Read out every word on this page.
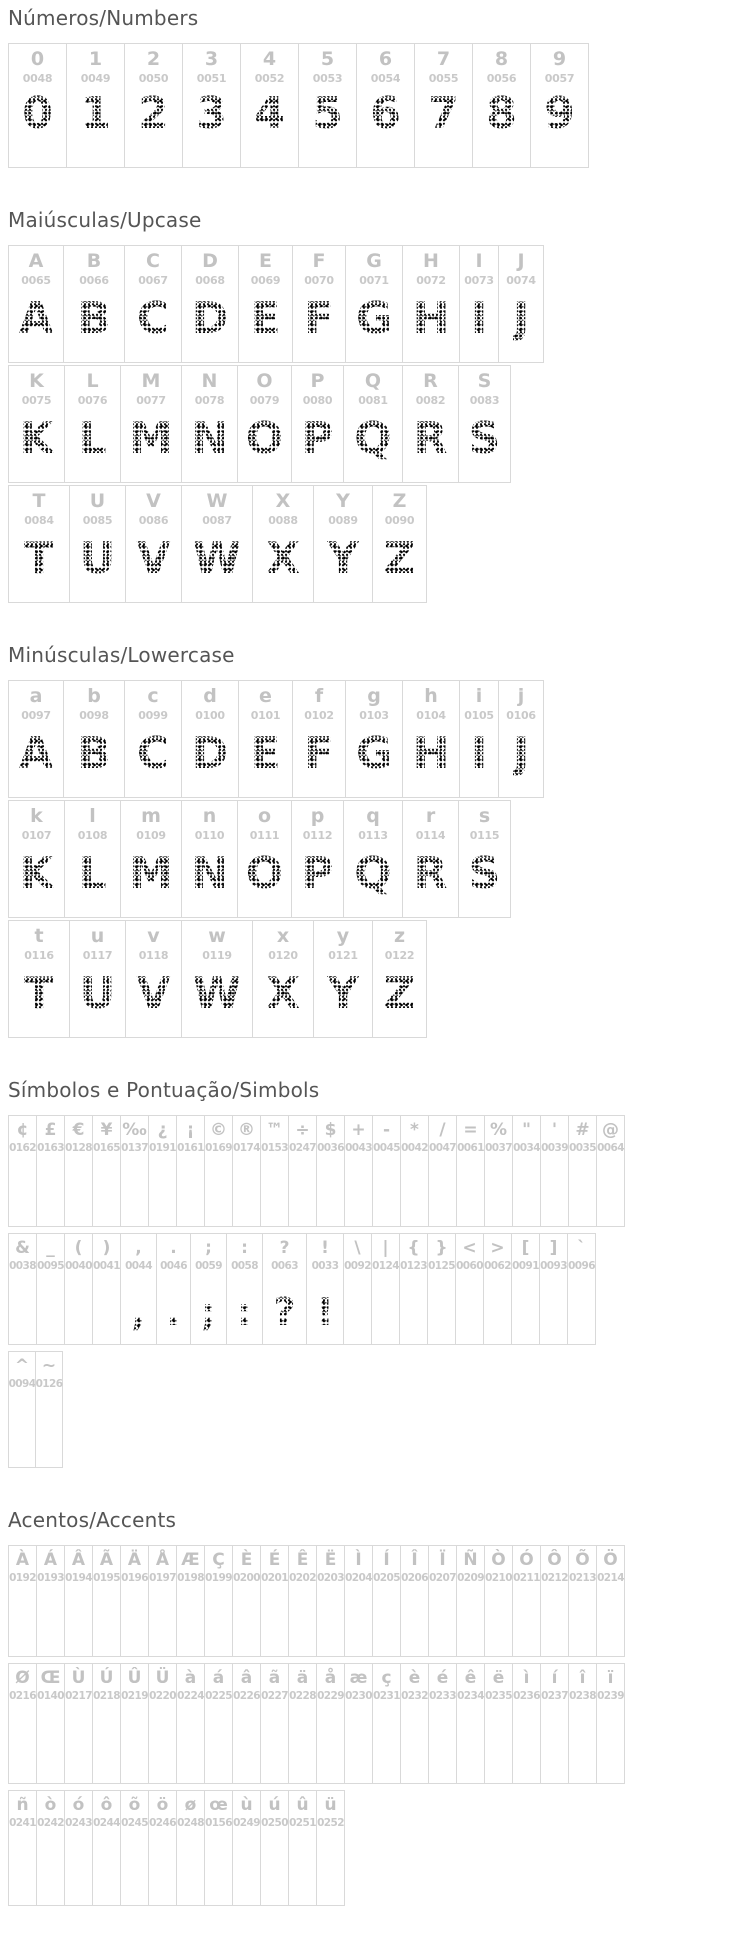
Números/Numbers
0
0048
0
1
0049
1
2
0050
2
3
0051
3
4
0052
4
5
0053
5
6
0054
6
7
0055
7
8
0056
8
9
0057
9
Maiúsculas/Upcase
A
0065
A
B
0066
B
C
0067
C
D
0068
D
E
0069
E
F
0070
F
G
0071
G
H
0072
H
I
0073
I
J
0074
J
K
0075
K
L
0076
L
M
0077
M
N
0078
N
O
0079
O
P
0080
P
Q
0081
Q
R
0082
R
S
0083
S
T
0084
T
U
0085
U
V
0086
V
W
0087
W
X
0088
X
Y
0089
Y
Z
0090
Z
Minúsculas/Lowercase
a
0097
A
b
0098
B
c
0099
C
d
0100
D
e
0101
E
f
0102
F
g
0103
G
h
0104
H
i
0105
I
j
0106
J
k
0107
K
l
0108
L
m
0109
M
n
0110
N
o
0111
O
p
0112
P
q
0113
Q
r
0114
R
s
0115
S
t
0116
T
u
0117
U
v
0118
V
w
0119
W
x
0120
X
y
0121
Y
z
0122
Z
Símbolos e Pontuação/Simbols
¢
0162
£
0163
€
0128
¥
0165
‰
0137
¿
0191
¡
0161
©
0169
®
0174
™
0153
÷
0247
$
0036
+
0043
-
0045
*
0042
/
0047
=
0061
%
0037
"
0034
'
0039
#
0035
@
0064
&
0038
_
0095
(
0040
)
0041
,
0044
,
.
0046
.
;
0059
;
:
0058
:
?
0063
?
!
0033
!
\
0092
|
0124
{
0123
}
0125
<
0060
>
0062
[
0091
]
0093
`
0096
^
0094
~
0126
Acentos/Accents
À
0192
Á
0193
Â
0194
Ã
0195
Ä
0196
Å
0197
Æ
0198
Ç
0199
È
0200
É
0201
Ê
0202
Ë
0203
Ì
0204
Í
0205
Î
0206
Ï
0207
Ñ
0209
Ò
0210
Ó
0211
Ô
0212
Õ
0213
Ö
0214
Ø
0216
Œ
0140
Ù
0217
Ú
0218
Û
0219
Ü
0220
à
0224
á
0225
â
0226
ã
0227
ä
0228
å
0229
æ
0230
ç
0231
è
0232
é
0233
ê
0234
ë
0235
ì
0236
í
0237
î
0238
ï
0239
ñ
0241
ò
0242
ó
0243
ô
0244
õ
0245
ö
0246
ø
0248
œ
0156
ù
0249
ú
0250
û
0251
ü
0252
